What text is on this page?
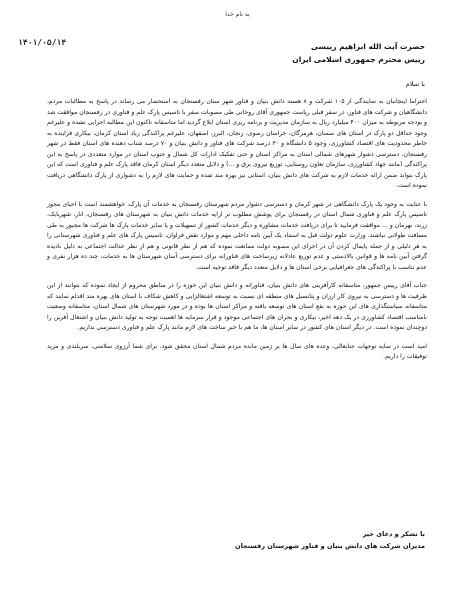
به نام خدا
۱۴۰۱/۰۵/۱۴	حضرت آیت الله ابراهیم رییسی
رییس محترم جمهوری اسلامی ایران
با سلام

احتراما اینجانبان به نمایندگی از ۱۰۵ شرکت و ۸ هسته دانش بنیان و فناور شهر ستان رفسنجان به استحضار می رساند در پاسخ به مطالبات مردم، دانشگاهیان و شرکت های فناور، در سفر قبلی ریاست جمهوری آقای روحانی طی مصوبات سفر با تاسیس پارک علم و فناوری در رفسنجان موافقت شد و بودجه مربوطه به میزان ۴۰۰ میلیارد ریال به سازمان مدیریت و برنامه ریزی استان ابلاغ گردید اما متاسفانه تاکنون این مطالبه اجرایی نشده و علیرغم وجود حداقل دو پارک در استان های سمنان، هرمزگان، خراسان رضوی، زنجان، البرز، اصفهان، علیرغم پراکندگی زیاد استان کرمان، بیکاری فزاینده به خاطر محدودیت های اقتصاد کشاورزی، وجود ۵ دانشگاه و ۳۰ درصد شرکت های فناور و دانش بنیان و ۷۰ درصد شتاب دهنده های استان فقط در شهر رفسنجان، دسترسی دشوار شهرهای شمالی استان به مراکز استان و حتی تفکیک ادارات کل شمال و جنوب استان در موارد متعددی در پاسخ به این پراکندگی (مانند جهاد کشاورزی، سازمان تعاون روستایی، توزیع نیروی برق و ...) و دلایل متعدد دیگر استان کرمان فاقد پارک علم و فناوری است که این پارک بتواند ضمن ارائه خدمات لازم به شرکت های دانش بنیان، استانی نیز بهره مند شده و حمایت های لازم را به دشواری از پارک دانشگاهی دریافت نموده است.

با عنایت به وجود یک پارک دانشگاهی در شهر کرمان و دسترسی دشوار مردم شهرستان رفسنجان به خدمات آن پارک، خواهشمند است با احیای مجوز تاسیس پارک علم و فناوری شمال استان در رفسنجان برای پوشش مطلوب تر ارایه خدمات دانش بنیان به شهرستان های رفسنجان، انار، شهربابک، زرند، بهرمان و ... موافقت فرمایید تا برای دریافت خدمات مشاوره و دیگر خدمات کشور از تسهیلات و یا سایر خدمات پارک ها شرکت ها مجبور به طی مسافت طولانی نباشند. وزارت علوم دولت قبل به استناد یک آیین نامه داخلی مهم و موارد نقض فراوان، تاسیس پارک های علم و فناوری شهرستانی را به هر دلیلی و از جمله پایمال کردن آن در اجرای این مصوبه دولت ممانعت نموده که هم از نظر قانونی و هم از نظر عدالت اجتماعی به دلیل نادیده گرفتن آیین نامه ها و قوانین بالادستی و عدم توزیع عادلانه زیرساخت های فناورانه برای دسترسی آسان شهرستان ها به خدمات، چند ده هزار نفری و عدم تناسب با پراکندگی های جغرافیایی برخی استان ها و دلایل متعدد دیگر فاقد توجیه است.

جناب آقای رییس جمهور، متاسفانه کارآفرینی های دانش بنیان، فناورانه و دانش بنیان این حوزه را در مناطق محروم از ایجاد نموده که بتوانند از این ظرفیت ها و دسترسی به نیروی کار ارزان و پتانسیل های منطقه ای نسبت به توسعه اشتغالزایی و کاهش شکاف با استان های بهره مند اقدام نمایند که متاسفانه سیاستگذاری های این حوزه به نفع استان های توسعه یافته و مراکز استان ها بوده و در مورد شهرستان های شمال استان، متاسفانه وضعیت نامناسب اقتصاد کشاورزی در یک دهه اخیر، بیکاری و بحران های اجتماعی موجود و فرار سرمایه ها اهمیت توجه به تولید دانش بنیان و اشتغال آفرین را دوچندان نموده است. در دیگر استان های کشور در سایر استان ها، ما هم با خبر ساخت های لازم مانند پارک علم و فناوری دسترسی نداریم.

امید است در سایه توجهات جنابعالی، وعده های سال ها بر زمین مانده مردم شمال استان محقق شود. برای شما آرزوی سلامتی، سربلندی و مزید توفیقات را داریم.

با تشکر و دعای خیر
مدیران شرکت های دانش بنیان و فناور شهرستان رفسنجان
